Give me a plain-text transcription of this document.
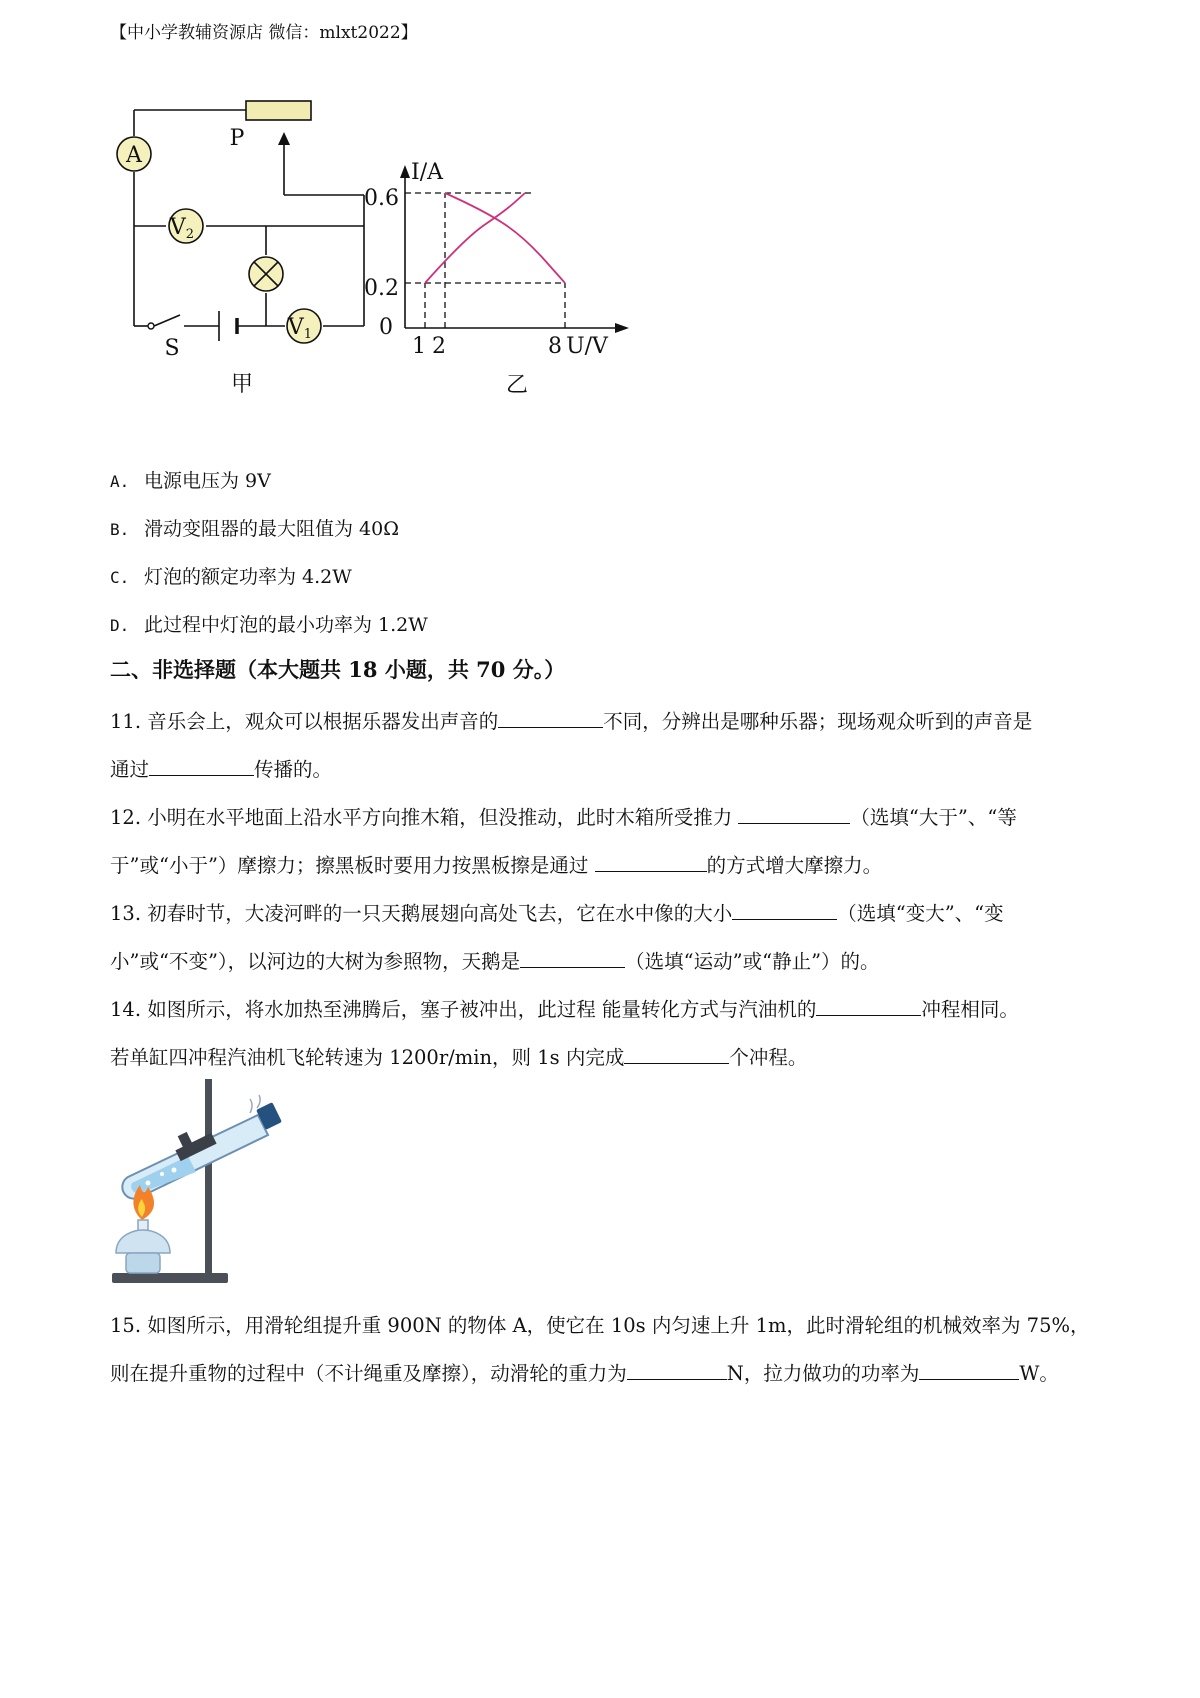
【中小学教辅资源店 微信：mlxt2022】
A
V2
V1
P
S
甲
I/A
U/V
0
0.6
0.2
1 2	8
乙
A. 电源电压为 9V
B. 滑动变阻器的最大阻值为 40Ω
C. 灯泡的额定功率为 4.2W
D. 此过程中灯泡的最小功率为 1.2W
二、非选择题（本大题共 18 小题，共 70 分。）
11. 音乐会上，观众可以根据乐器发出声音的	不同，分辨出是哪种乐器；现场观众听到的声音是
通过	传播的。
12. 小明在水平地面上沿水平方向推木箱，但没推动，此时木箱所受推力	（选填“大于”、“等
于”或“小于”）摩擦力；擦黑板时要用力按黑板擦是通过	的方式增大摩擦力。
13. 初春时节，大凌河畔的一只天鹅展翅向高处飞去，它在水中像的大小	（选填“变大”、“变
小”或“不变”），以河边的大树为参照物，天鹅是	（选填“运动”或“静止”）的。
14. 如图所示，将水加热至沸腾后，塞子被冲出，此过程 能量转化方式与汽油机的	冲程相同。
若单缸四冲程汽油机飞轮转速为 1200r/min，则 1s 内完成	个冲程。
15. 如图所示，用滑轮组提升重 900N 的物体 A，使它在 10s 内匀速上升 1m，此时滑轮组的机械效率为 75%，
则在提升重物的过程中（不计绳重及摩擦），动滑轮的重力为	N，拉力做功的功率为	W。
